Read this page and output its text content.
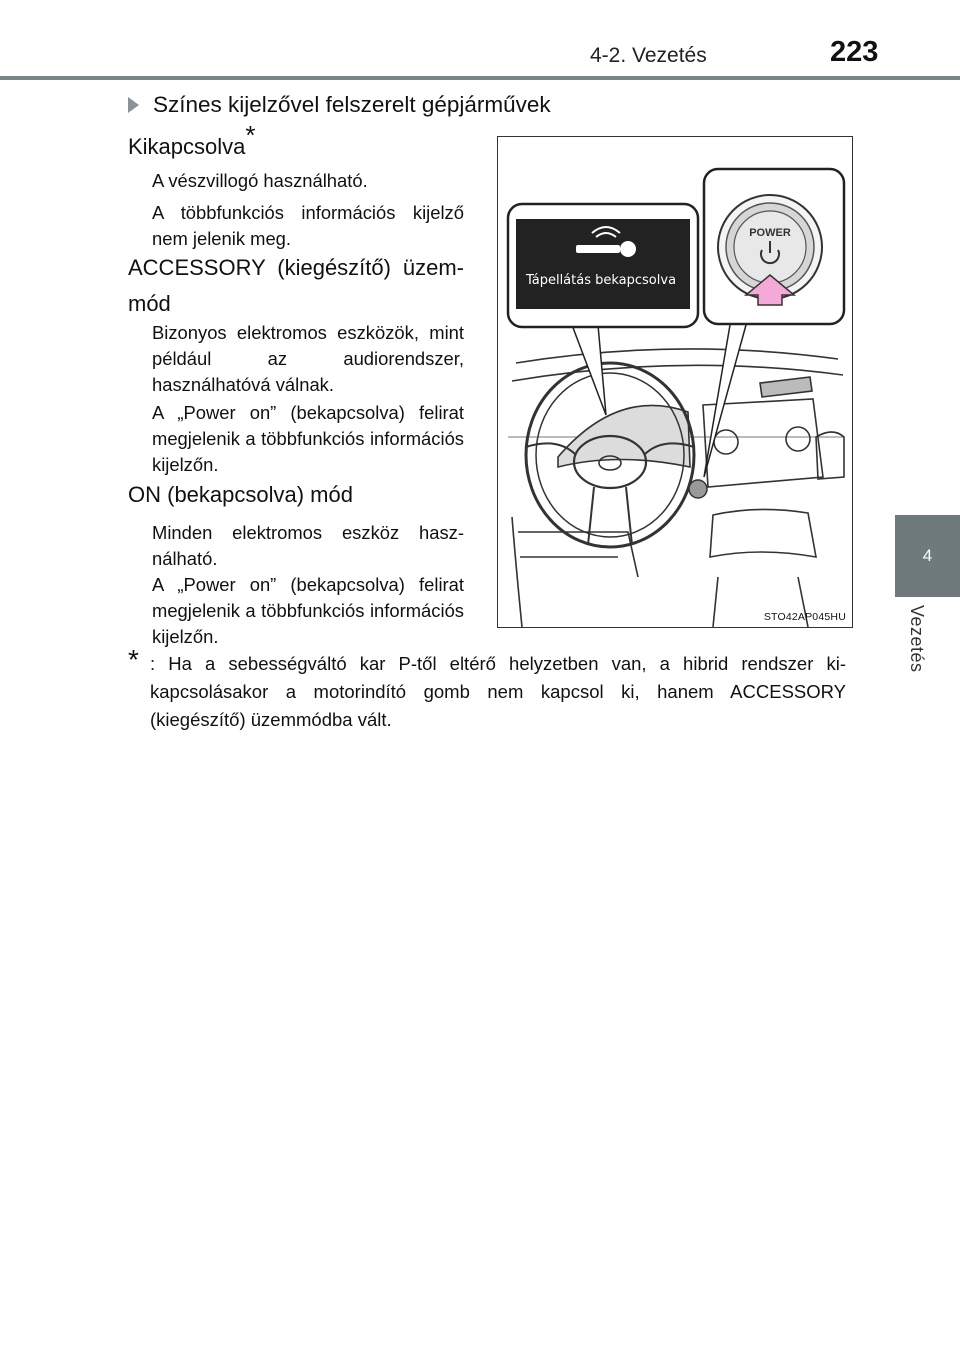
4-2. Vezetés	223
4
Vezetés
Színes kijelzővel felszerelt gépjárművek
Kikapcsolva*
A vészvillogó használható.
A többfunkciós információs kijelző nem jelenik meg.
ACCESSORY (kiegészítő) üzemmód
Bizonyos elektromos eszközök, mint például az audiorendszer, használhatóvá válnak.
A „Power on” (bekapcsolva) felirat megjelenik a többfunkciós információs kijelzőn.
ON (bekapcsolva) mód
Minden elektromos eszköz használható.
A „Power on” (bekapcsolva) felirat megjelenik a többfunkciós információs kijelzőn.
Tápellátás bekapcsolva
POWER
STO42AP045HU
* : Ha a sebességváltó kar P-től eltérő helyzetben van, a hibrid rendszer kikapcsolásakor a motorindító gomb nem kapcsol ki, hanem ACCESSORY (kiegészítő) üzemmódba vált.
